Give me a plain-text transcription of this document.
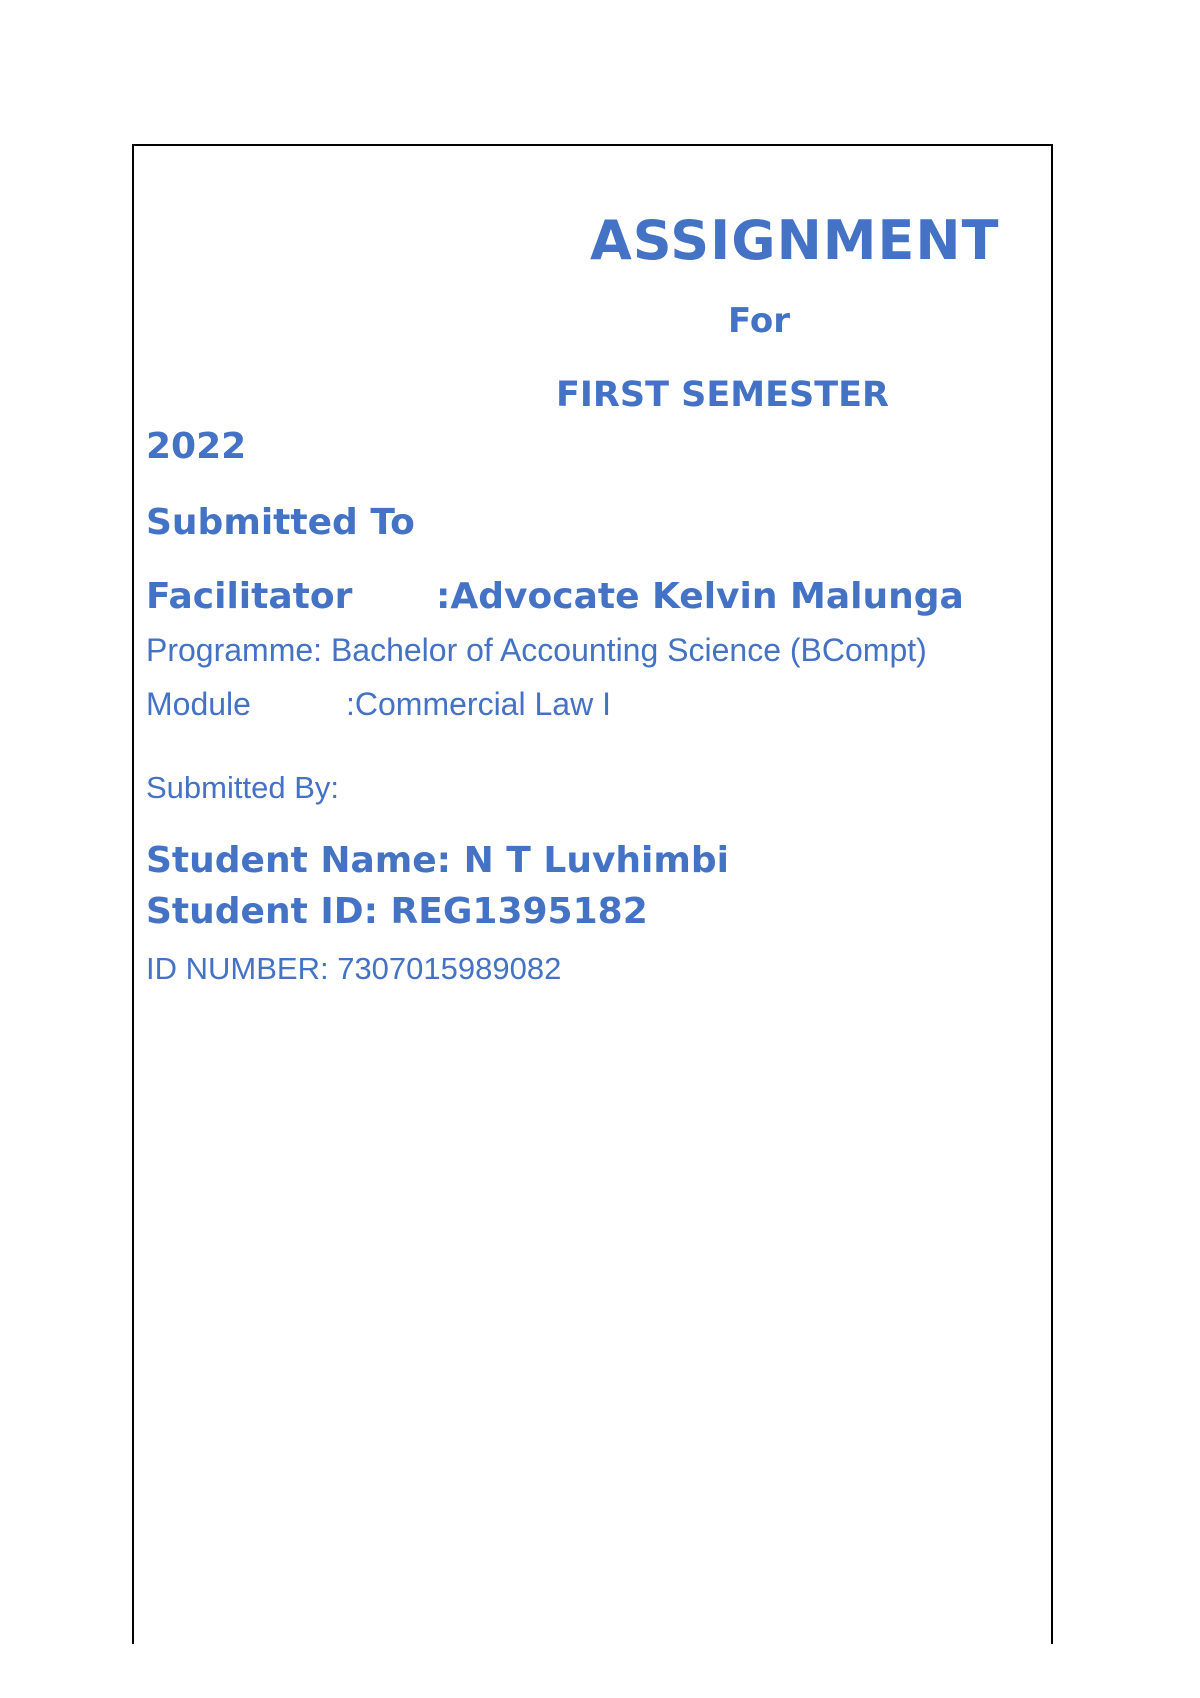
ASSIGNMENT
For
FIRST SEMESTER
2022
Submitted To
Facilitator :Advocate Kelvin Malunga
Programme: Bachelor of Accounting Science (BCompt)
Module	:Commercial Law I
Submitted By:
Student Name: N T Luvhimbi
Student ID: REG1395182
ID NUMBER: 7307015989082
